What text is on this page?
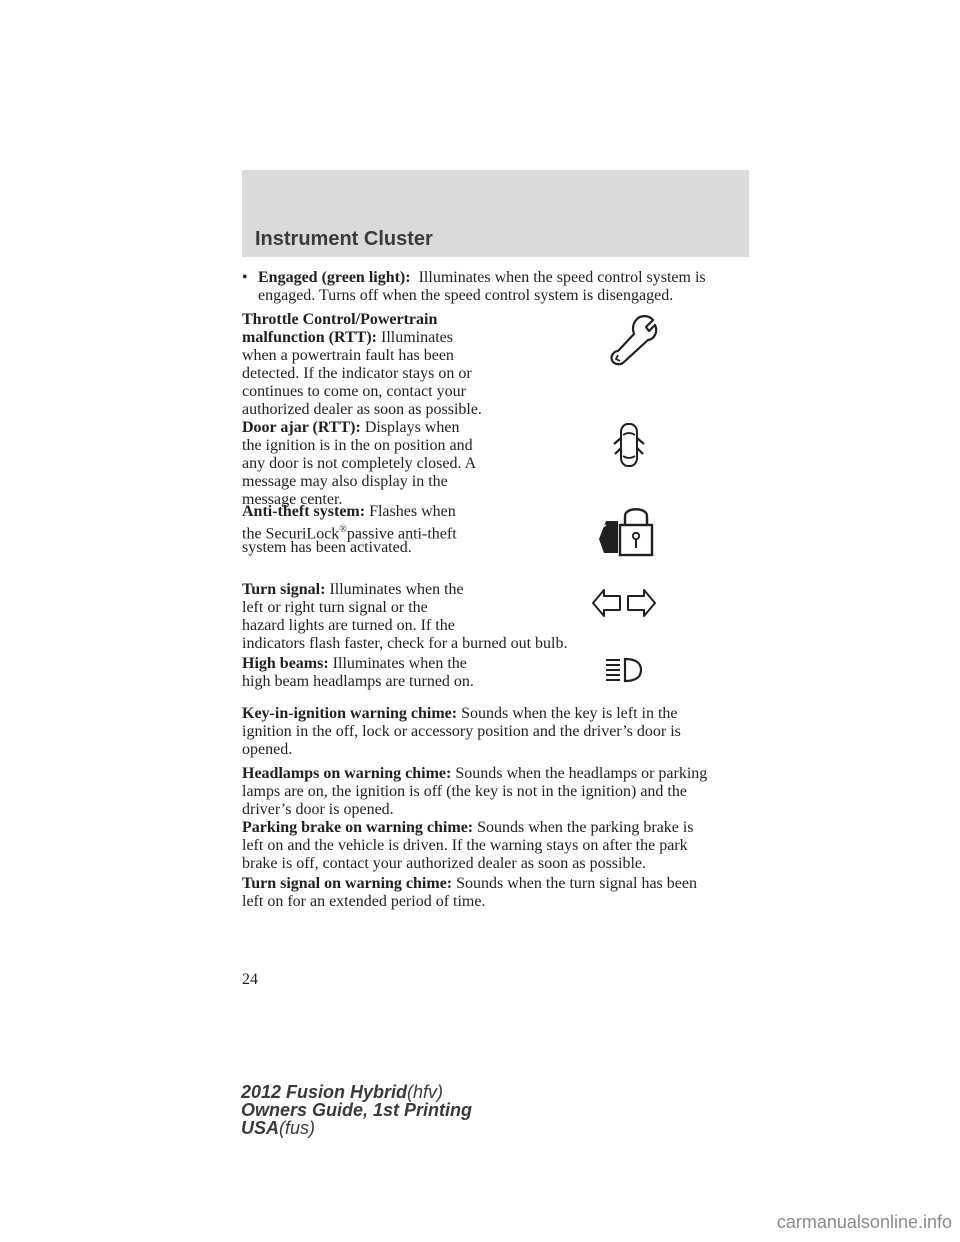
Instrument Cluster
• Engaged (green light): Illuminates when the speed control system is
engaged. Turns off when the speed control system is disengaged.
Throttle Control/Powertrain
malfunction (RTT): Illuminates
when a powertrain fault has been
detected. If the indicator stays on or
continues to come on, contact your
authorized dealer as soon as possible.
Door ajar (RTT): Displays when
the ignition is in the on position and
any door is not completely closed. A
message may also display in the
message center.
Anti-theft system: Flashes when
the SecuriLock®passive anti-theft
system has been activated.
Turn signal: Illuminates when the
left or right turn signal or the
hazard lights are turned on. If the
indicators flash faster, check for a burned out bulb.
High beams: Illuminates when the
high beam headlamps are turned on.
Key-in-ignition warning chime: Sounds when the key is left in the
ignition in the off, lock or accessory position and the driver’s door is
opened.
Headlamps on warning chime: Sounds when the headlamps or parking
lamps are on, the ignition is off (the key is not in the ignition) and the
driver’s door is opened.
Parking brake on warning chime: Sounds when the parking brake is
left on and the vehicle is driven. If the warning stays on after the park
brake is off, contact your authorized dealer as soon as possible.
Turn signal on warning chime: Sounds when the turn signal has been
left on for an extended period of time.
24
2012 Fusion Hybrid(hfv)
Owners Guide, 1st Printing
USA(fus)
carmanualsonline.info
